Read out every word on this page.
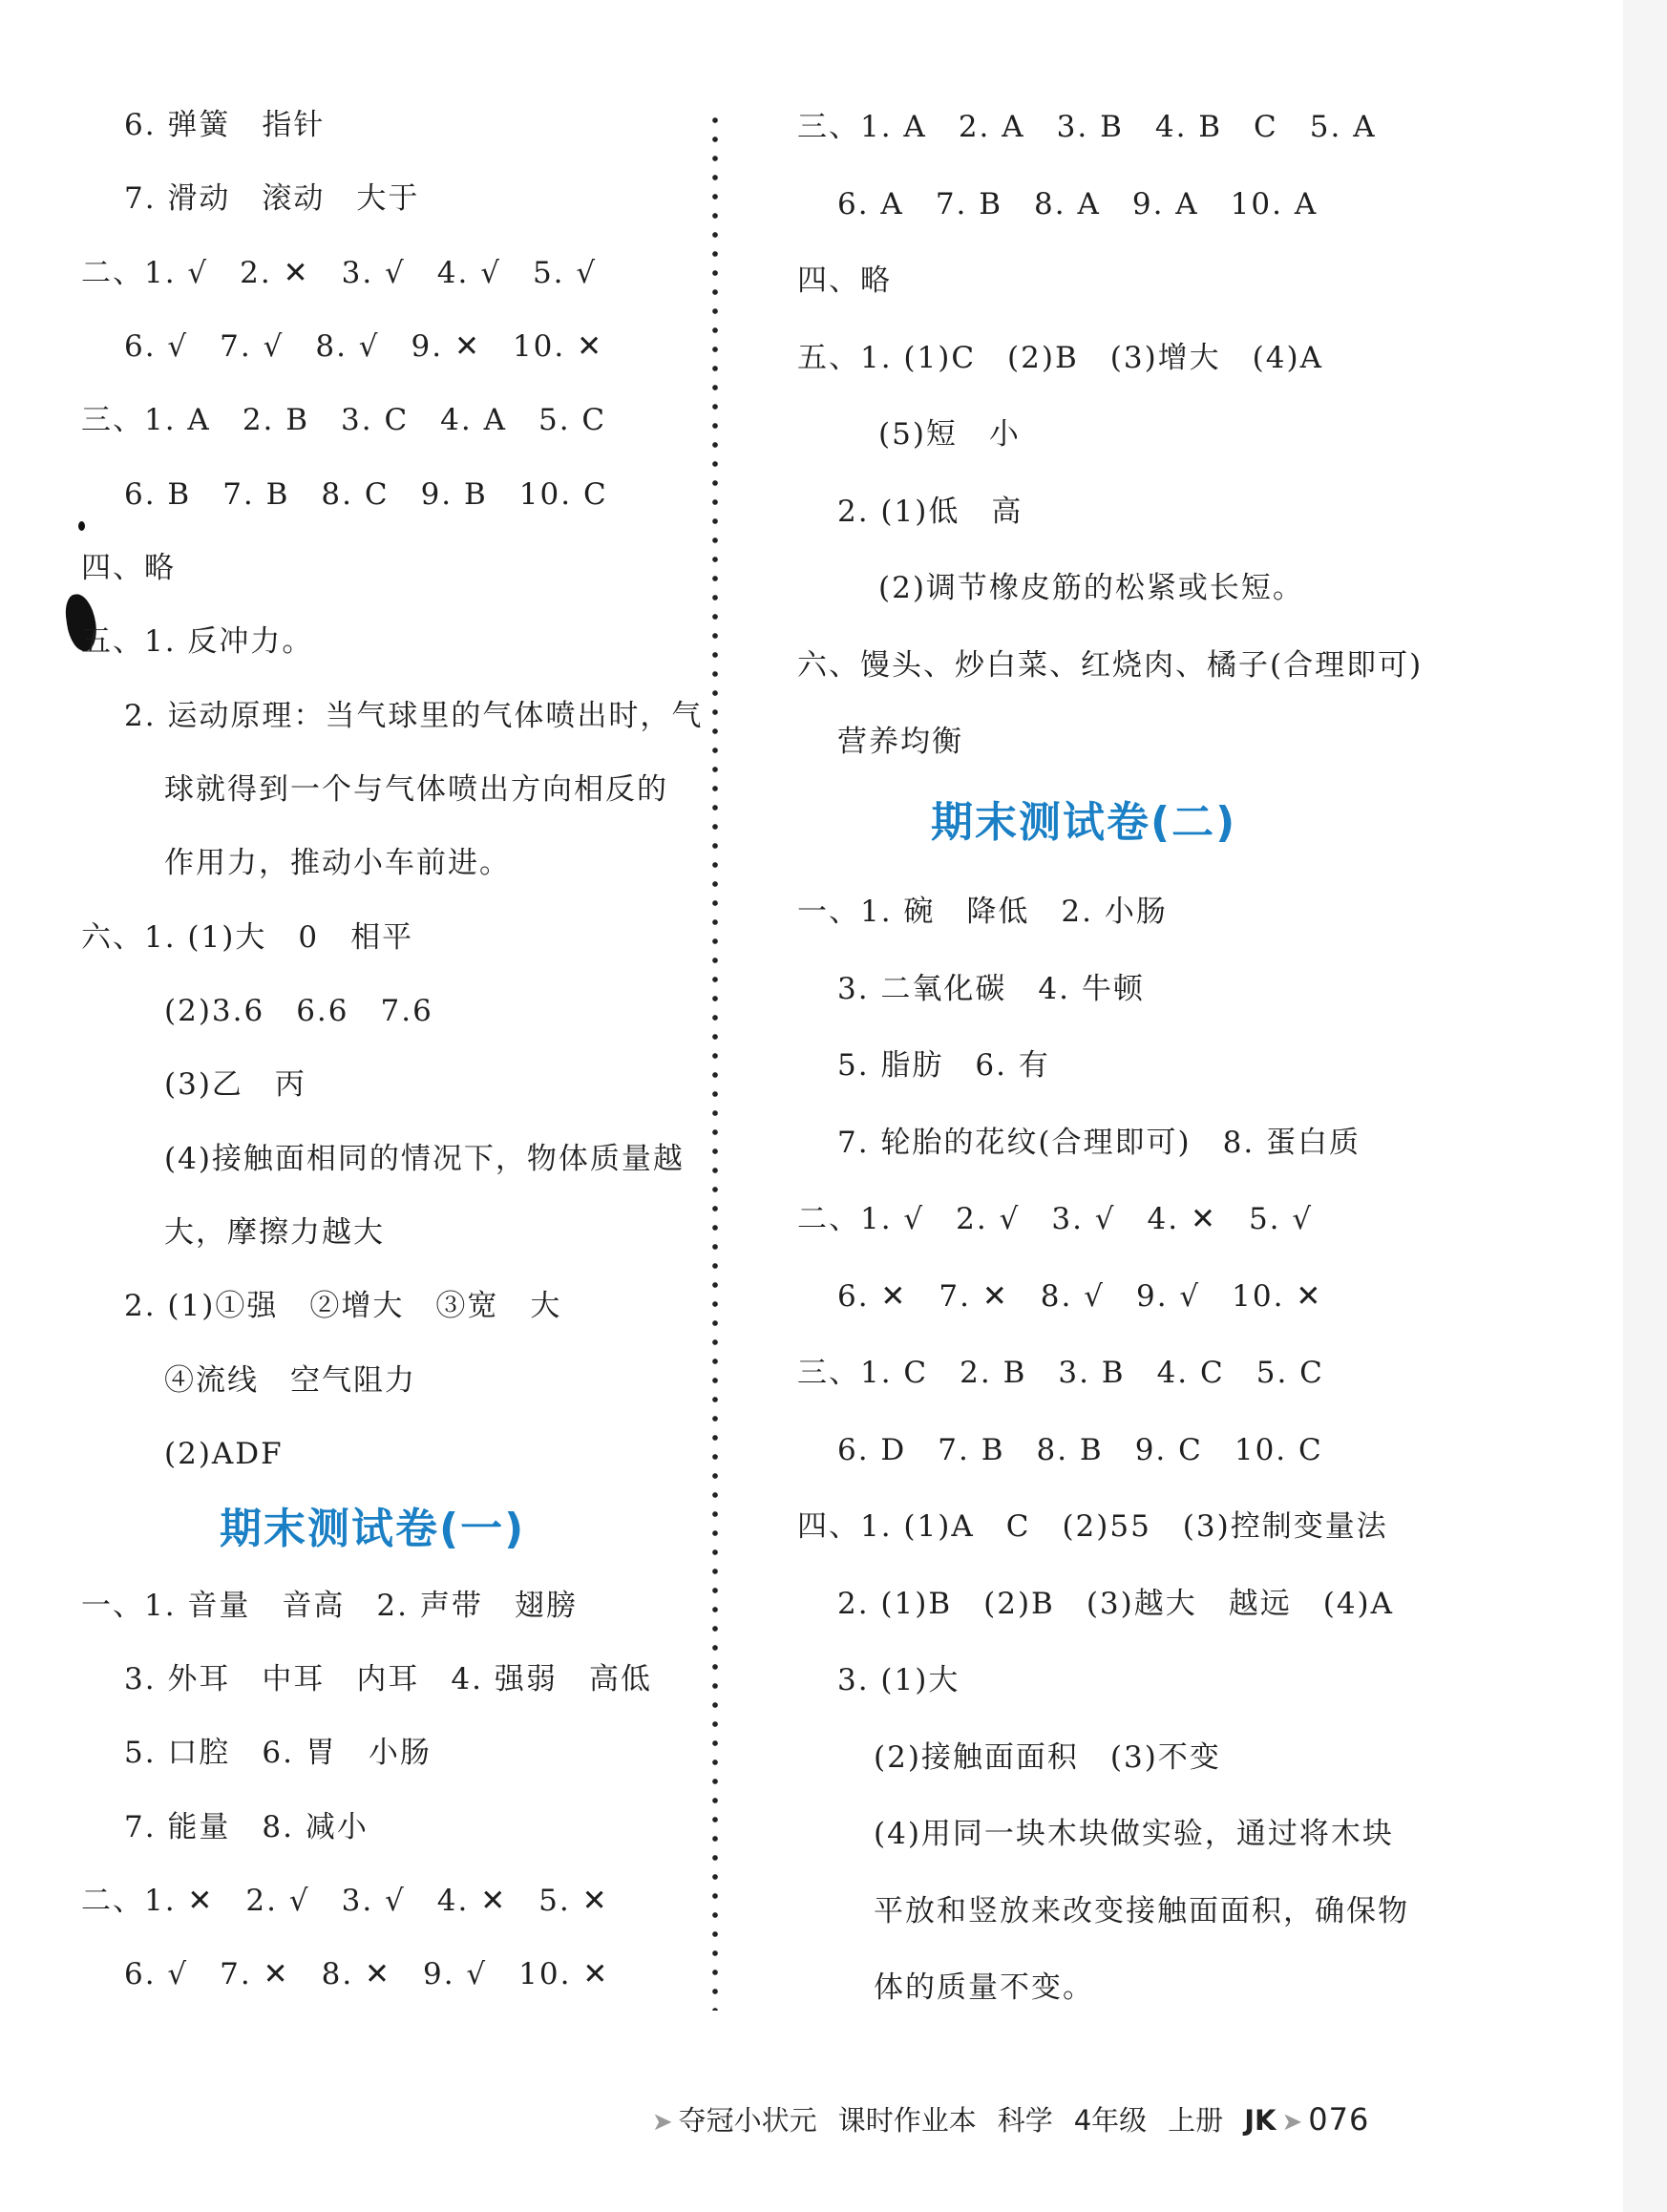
6. 弹簧　指针
7. 滑动　滚动　大于
二、1. √　2. ✕　3. √　4. √　5. √
6. √　7. √　8. √　9. ✕　10. ✕
三、1. A　2. B　3. C　4. A　5. C
6. B　7. B　8. C　9. B　10. C
四、略
五、1. 反冲力。
2. 运动原理：当气球里的气体喷出时，气
球就得到一个与气体喷出方向相反的
作用力，推动小车前进。
六、1. (1)大　0　相平
(2)3.6　6.6　7.6
(3)乙　丙
(4)接触面相同的情况下，物体质量越
大，摩擦力越大
2. (1)①强　②增大　③宽　大
④流线　空气阻力
(2)ADF
期末测试卷(一)
一、1. 音量　音高　2. 声带　翅膀
3. 外耳　中耳　内耳　4. 强弱　高低
5. 口腔　6. 胃　小肠
7. 能量　8. 减小
二、1. ✕　2. √　3. √　4. ✕　5. ✕
6. √　7. ✕　8. ✕　9. √　10. ✕
三、1. A　2. A　3. B　4. B　C　5. A
6. A　7. B　8. A　9. A　10. A
四、略
五、1. (1)C　(2)B　(3)增大　(4)A
(5)短　小
2. (1)低　高
(2)调节橡皮筋的松紧或长短。
六、馒头、炒白菜、红烧肉、橘子(合理即可)
营养均衡
期末测试卷(二)
一、1. 碗　降低　2. 小肠
3. 二氧化碳　4. 牛顿
5. 脂肪　6. 有
7. 轮胎的花纹(合理即可)　8. 蛋白质
二、1. √　2. √　3. √　4. ✕　5. √
6. ✕　7. ✕　8. √　9. √　10. ✕
三、1. C　2. B　3. B　4. C　5. C
6. D　7. B　8. B　9. C　10. C
四、1. (1)A　C　(2)55　(3)控制变量法
2. (1)B　(2)B　(3)越大　越远　(4)A
3. (1)大
(2)接触面面积　(3)不变
(4)用同一块木块做实验，通过将木块
平放和竖放来改变接触面面积，确保物
体的质量不变。

➤ 夺冠小状元 课时作业本 科学 4年级 上册 JK ➤ 076
